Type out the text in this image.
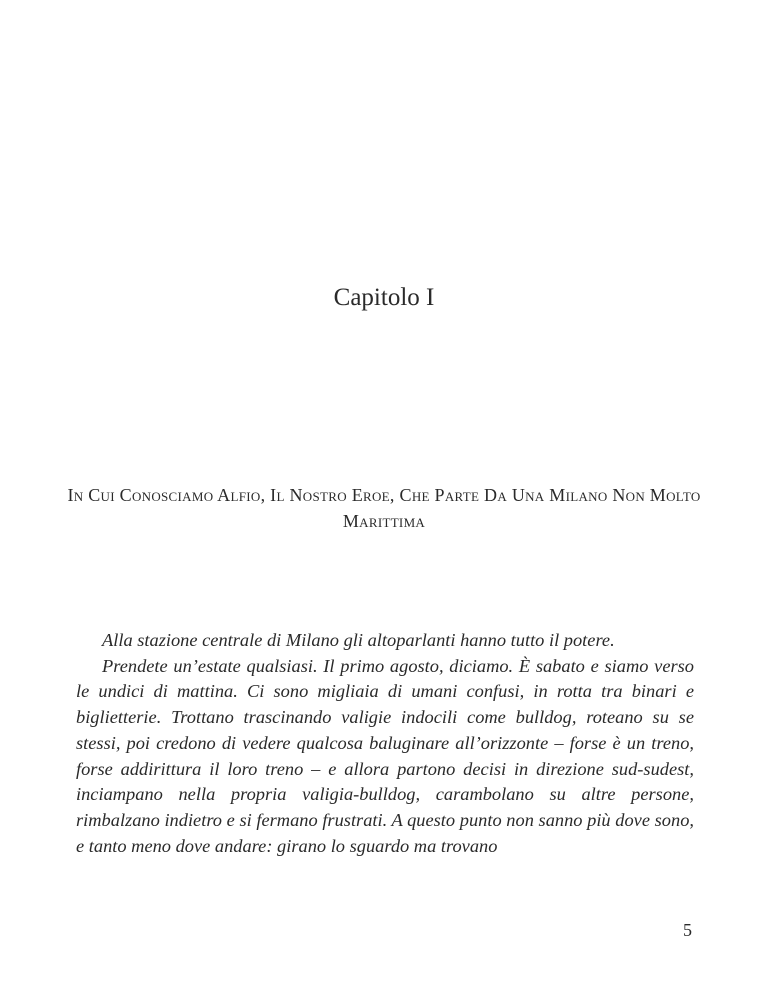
Capitolo I
In Cui Conosciamo Alfio, Il Nostro Eroe, Che Parte Da Una Milano Non Molto Marittima

Alla stazione centrale di Milano gli altoparlanti hanno tutto il potere.

Prendete un’estate qualsiasi. Il primo agosto, diciamo. È sabato e siamo verso le undici di mattina. Ci sono migliaia di umani confusi, in rotta tra binari e biglietterie. Trottano trascinando valigie indocili come bulldog, roteano su se stessi, poi credono di vedere qualcosa baluginare all’orizzonte – forse è un treno, forse addirittura il loro treno – e allora partono decisi in direzione sud-sudest, inciampano nella propria valigia-bulldog, carambolano su altre persone, rimbalzano indietro e si fermano frustrati. A questo punto non sanno più dove sono, e tanto meno dove andare: girano lo sguardo ma trovano

5
